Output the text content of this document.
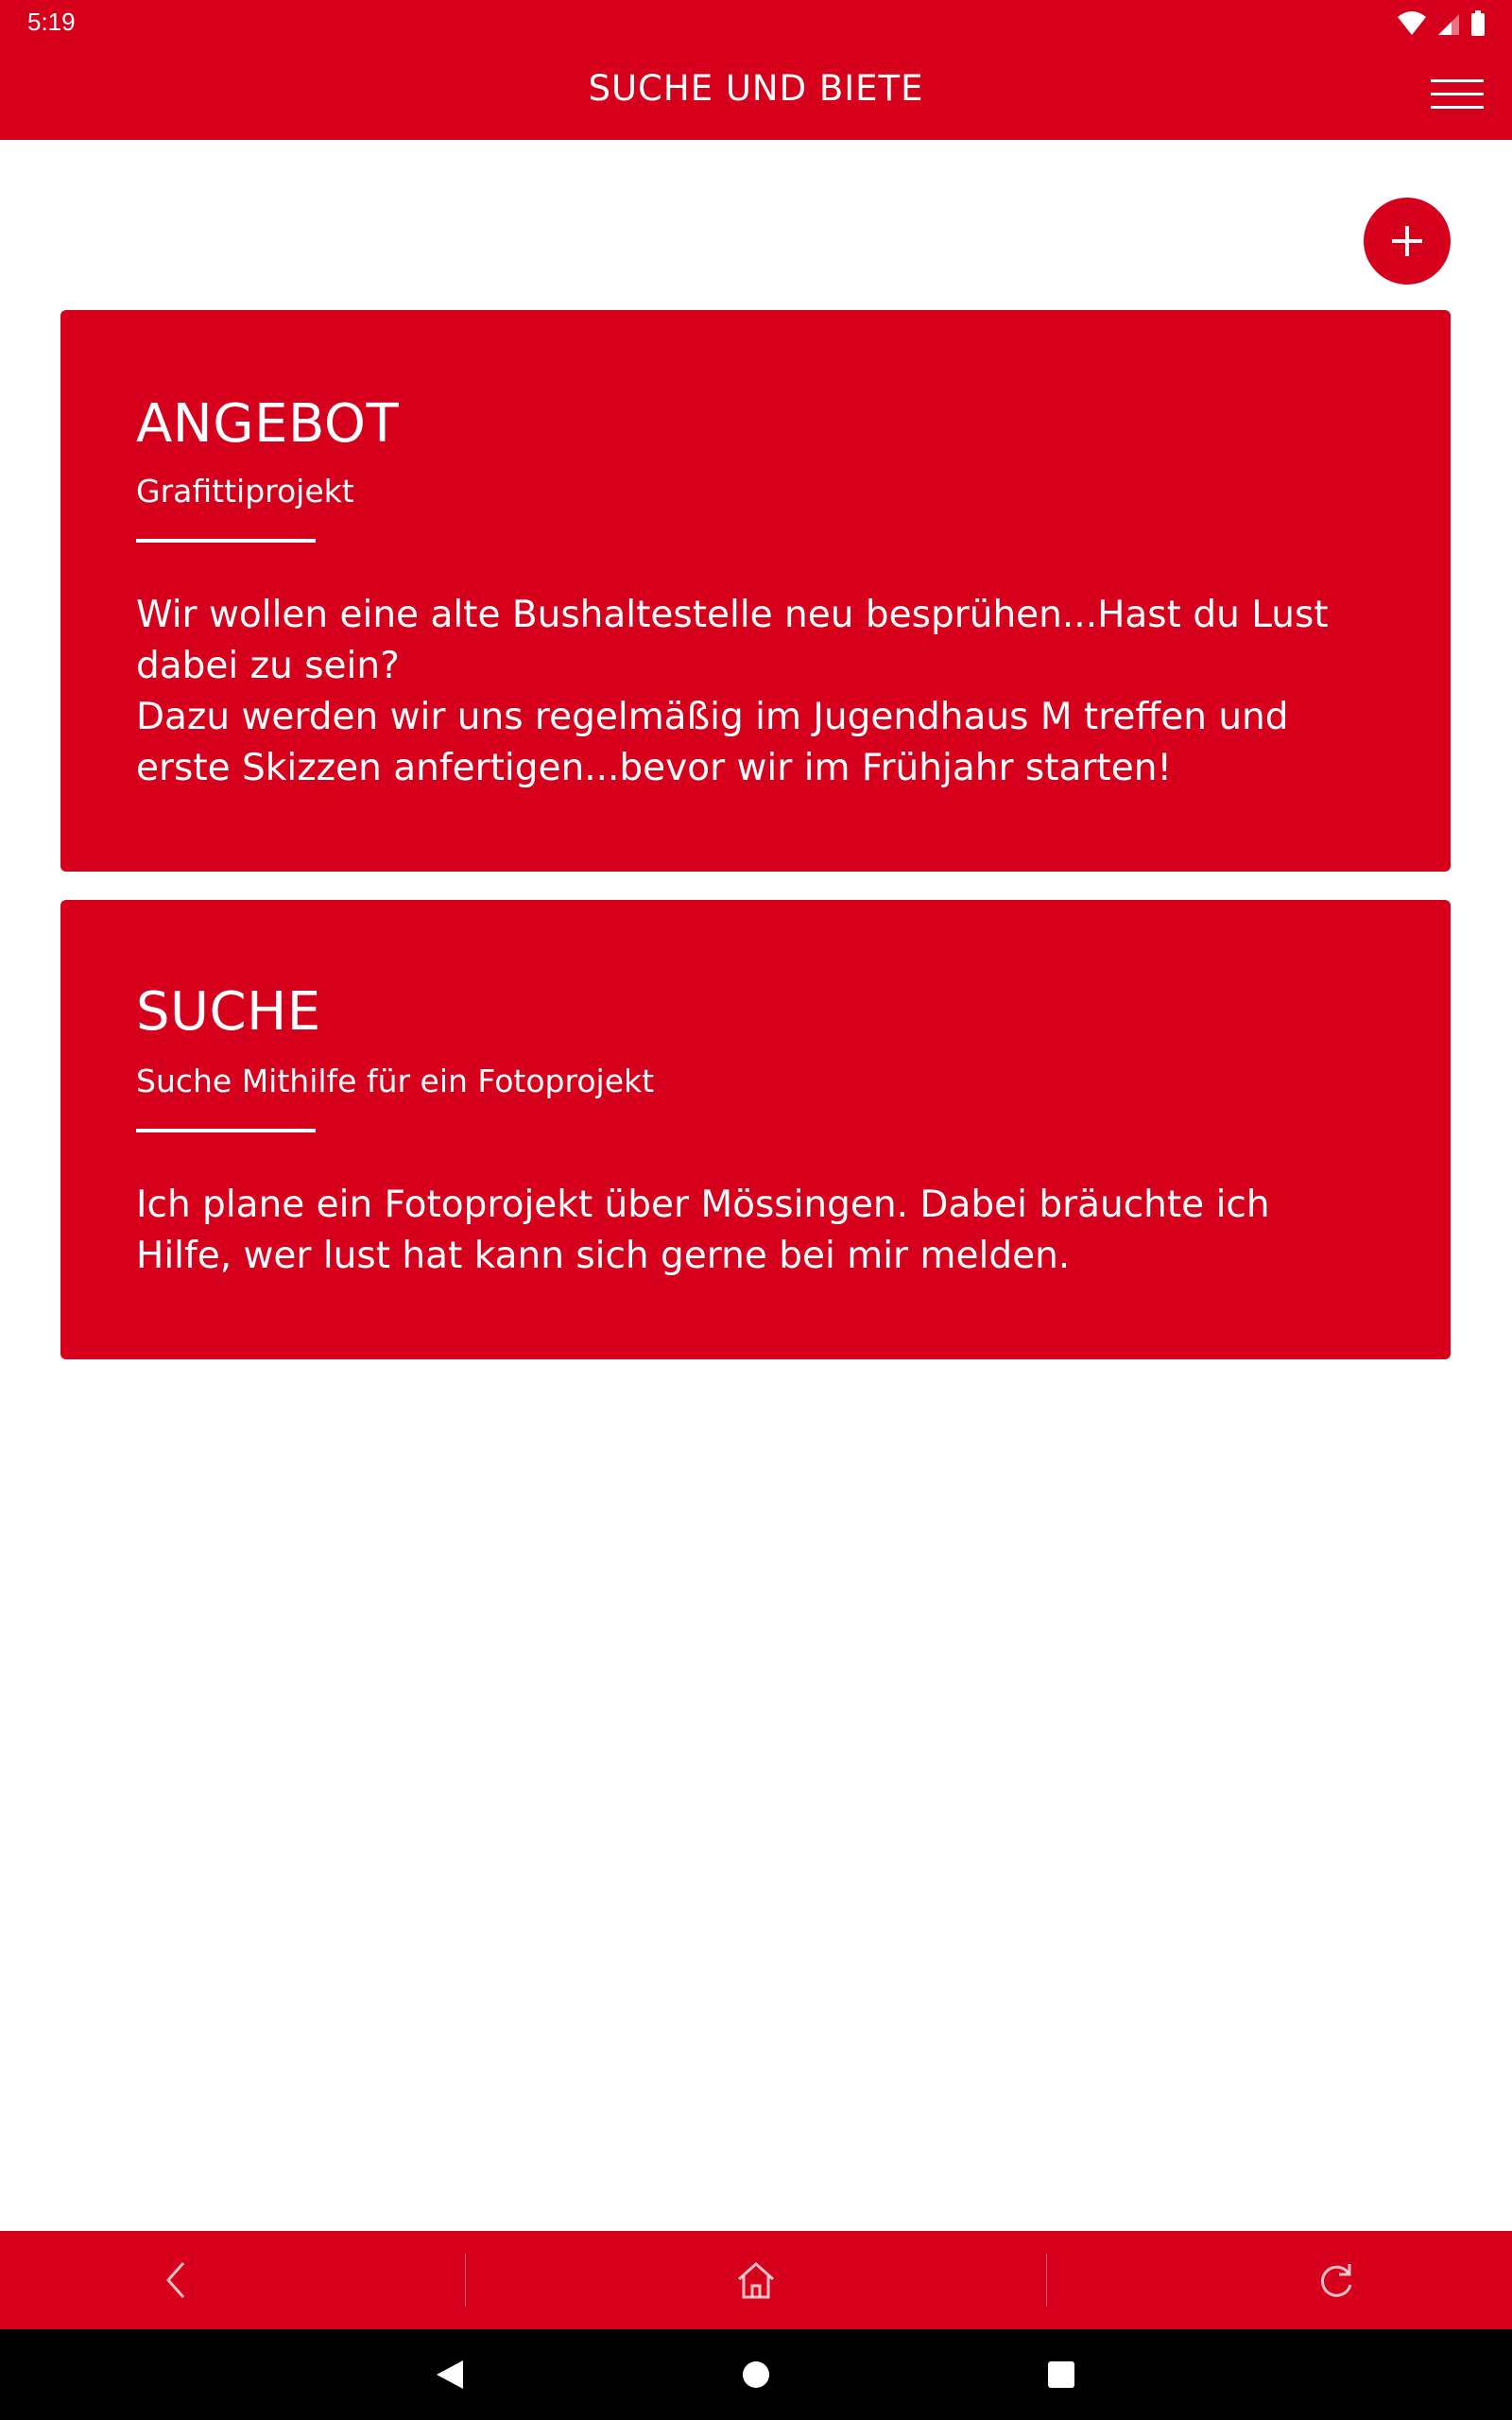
5:19
SUCHE UND BIETE
ANGEBOT
Grafittiprojekt
Wir wollen eine alte Bushaltestelle neu besprühen...Hast du Lust dabei zu sein?
Dazu werden wir uns regelmäßig im Jugendhaus M treffen und erste Skizzen anfertigen...bevor wir im Frühjahr starten!
SUCHE
Suche Mithilfe für ein Fotoprojekt
Ich plane ein Fotoprojekt über Mössingen. Dabei bräuchte ich Hilfe, wer lust hat kann sich gerne bei mir melden.
